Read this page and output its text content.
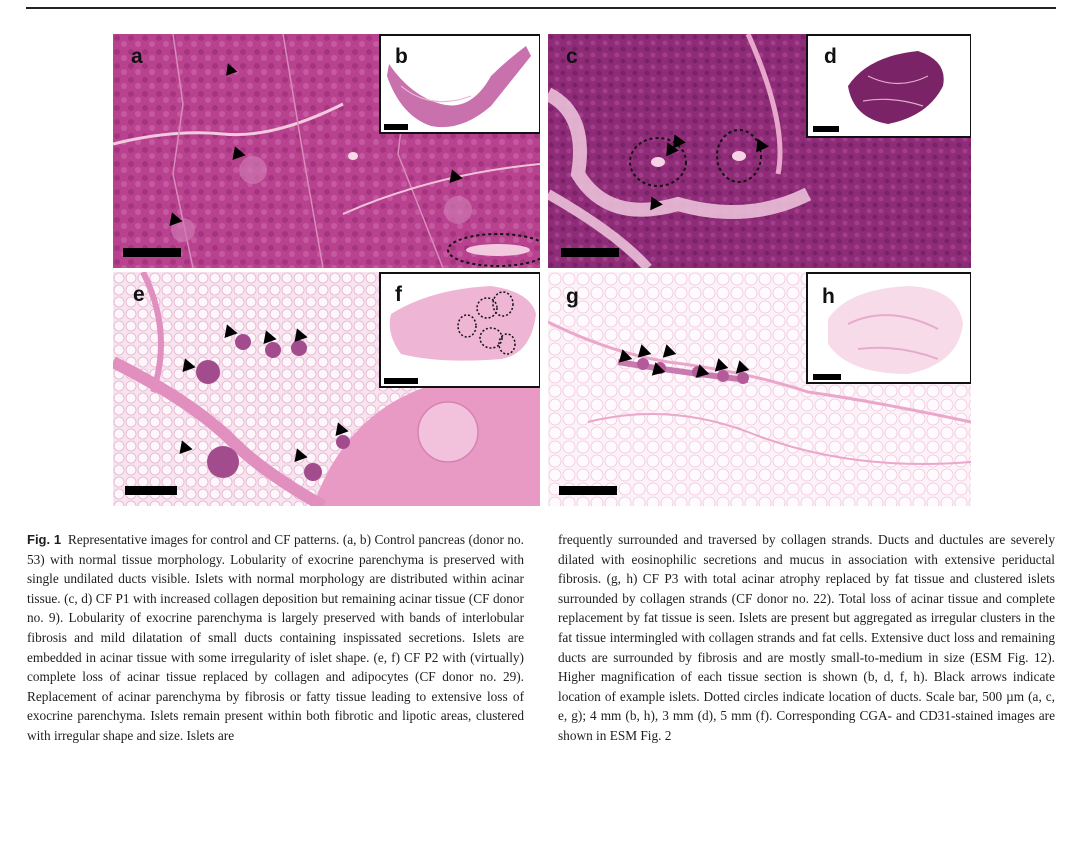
a	b	c	d
e	f	g	h

Fig. 1 Representative images for control and CF patterns. (a, b) Control pancreas (donor no. 53) with normal tissue morphology. Lobularity of exocrine parenchyma is preserved with single undilated ducts visible. Islets with normal morphology are distributed within acinar tissue. (c, d) CF P1 with increased collagen deposition but remaining acinar tissue (CF donor no. 9). Lobularity of exocrine parenchyma is largely preserved with bands of interlobular fibrosis and mild dilatation of small ducts containing inspissated secretions. Islets are embedded in acinar tissue with some irregularity of islet shape. (e, f) CF P2 with (virtually) complete loss of acinar tissue replaced by collagen and adipocytes (CF donor no. 29). Replacement of acinar parenchyma by fibrosis or fatty tissue leading to extensive loss of exocrine parenchyma. Islets remain present within both fibrotic and lipotic areas, clustered with irregular shape and size. Islets are

frequently surrounded and traversed by collagen strands. Ducts and ductules are severely dilated with eosinophilic secretions and mucus in association with extensive periductal fibrosis. (g, h) CF P3 with total acinar atrophy replaced by fat tissue and clustered islets surrounded by collagen strands (CF donor no. 22). Total loss of acinar tissue and complete replacement by fat tissue is seen. Islets are present but aggregated as irregular clusters in the fat tissue intermingled with collagen strands and fat cells. Extensive duct loss and remaining ducts are surrounded by fibrosis and are mostly small-to-medium in size (ESM Fig. 12). Higher magnification of each tissue section is shown (b, d, f, h). Black arrows indicate location of example islets. Dotted circles indicate location of ducts. Scale bar, 500 µm (a, c, e, g); 4 mm (b, h), 3 mm (d), 5 mm (f). Corresponding CGA- and CD31-stained images are shown in ESM Fig. 2
